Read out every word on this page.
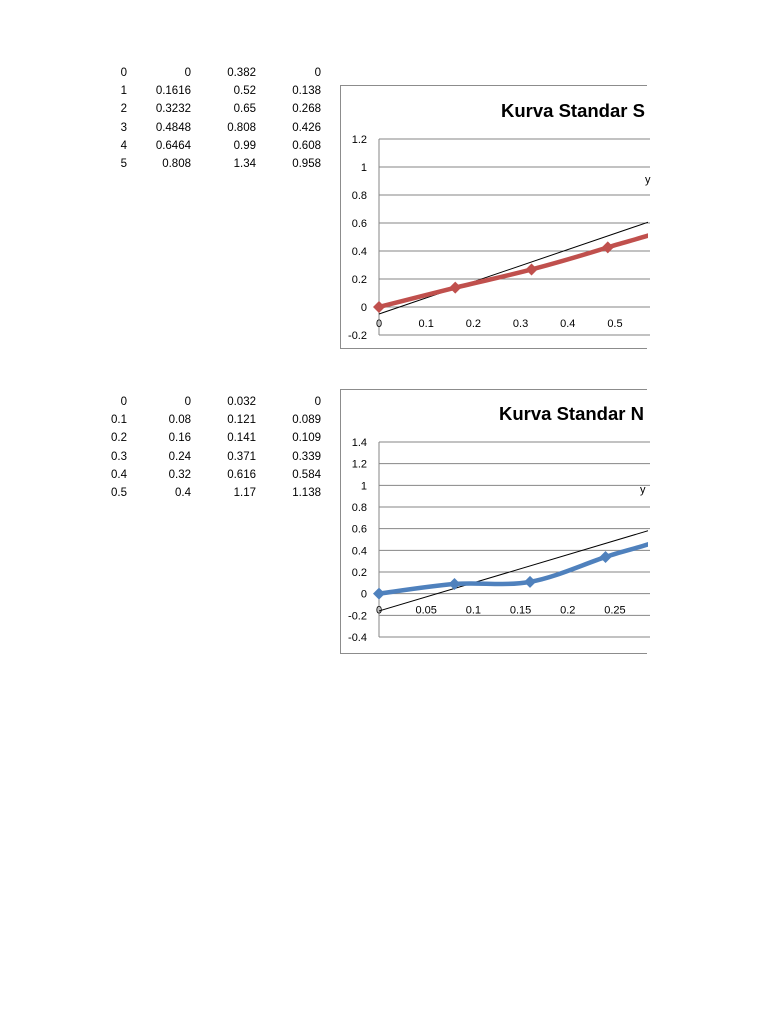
0	0	0.382	0
1	0.1616	0.52	0.138
2	0.3232	0.65	0.268
3	0.4848	0.808	0.426
4	0.6464	0.99	0.608
5	0.808	1.34	0.958
0	0	0.032	0
0.1	0.08	0.121	0.089
0.2	0.16	0.141	0.109
0.3	0.24	0.371	0.339
0.4	0.32	0.616	0.584
0.5	0.4	1.17	1.138
Kurva Standar S
-0.2
0
0.2
0.4
0.6
0.8
1
1.2
0	0.1	0.2	0.3	0.4	0.5
y
Kurva Standar N
-0.4
-0.2
0
0.2
0.4
0.6
0.8
1
1.2
1.4
0	0.05	0.1	0.15	0.2	0.25
y
